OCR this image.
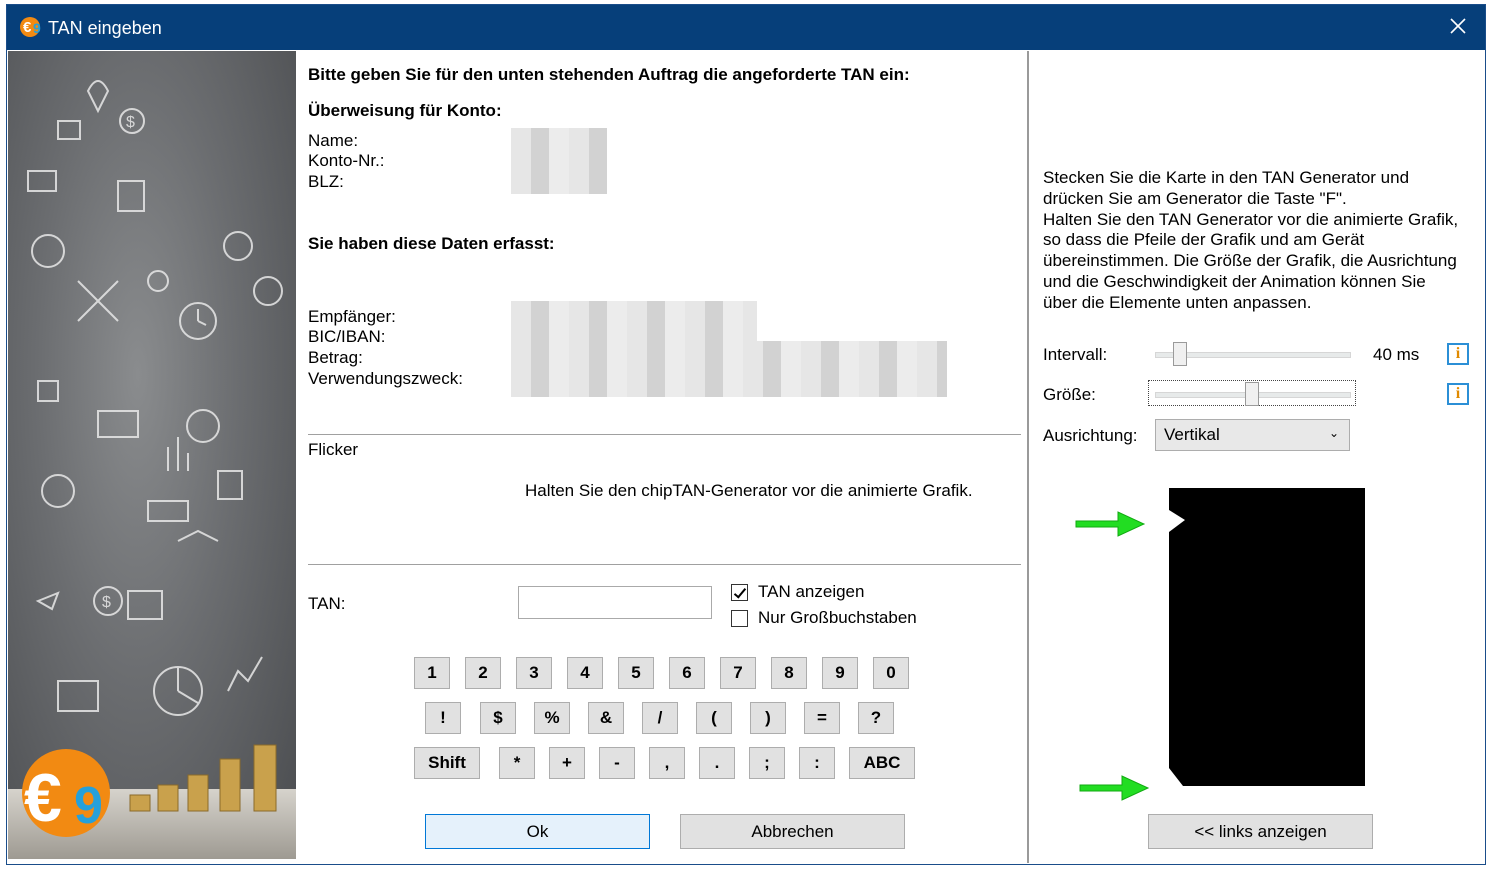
€ 9 TAN eingeben
$
$
€ 9
Bitte geben Sie für den unten stehenden Auftrag die angeforderte TAN ein:
Überweisung für Konto:
Name:
Konto-Nr.:
BLZ:
Sie haben diese Daten erfasst:
Empfänger:
BIC/IBAN:
Betrag:
Verwendungszweck:
Flicker
Halten Sie den chipTAN-Generator vor die animierte Grafik.
TAN:
TAN anzeigen
Nur Großbuchstaben
1	2	3	4	5	6	7	8	9	0
!	$	%	&	/	(	)	=	?
Shift	*	+	-	,	.	;	:	ABC
Ok	Abbrechen
Stecken Sie die Karte in den TAN Generator und drücken Sie am Generator die Taste "F".
Halten Sie den TAN Generator vor die animierte Grafik, so dass die Pfeile der Grafik und am Gerät übereinstimmen. Die Größe der Grafik, die Ausrichtung und die Geschwindigkeit der Animation können Sie über die Elemente unten anpassen.
Intervall:	40 ms	i
Größe:	i
Ausrichtung: Vertikal	⌄
<< links anzeigen
